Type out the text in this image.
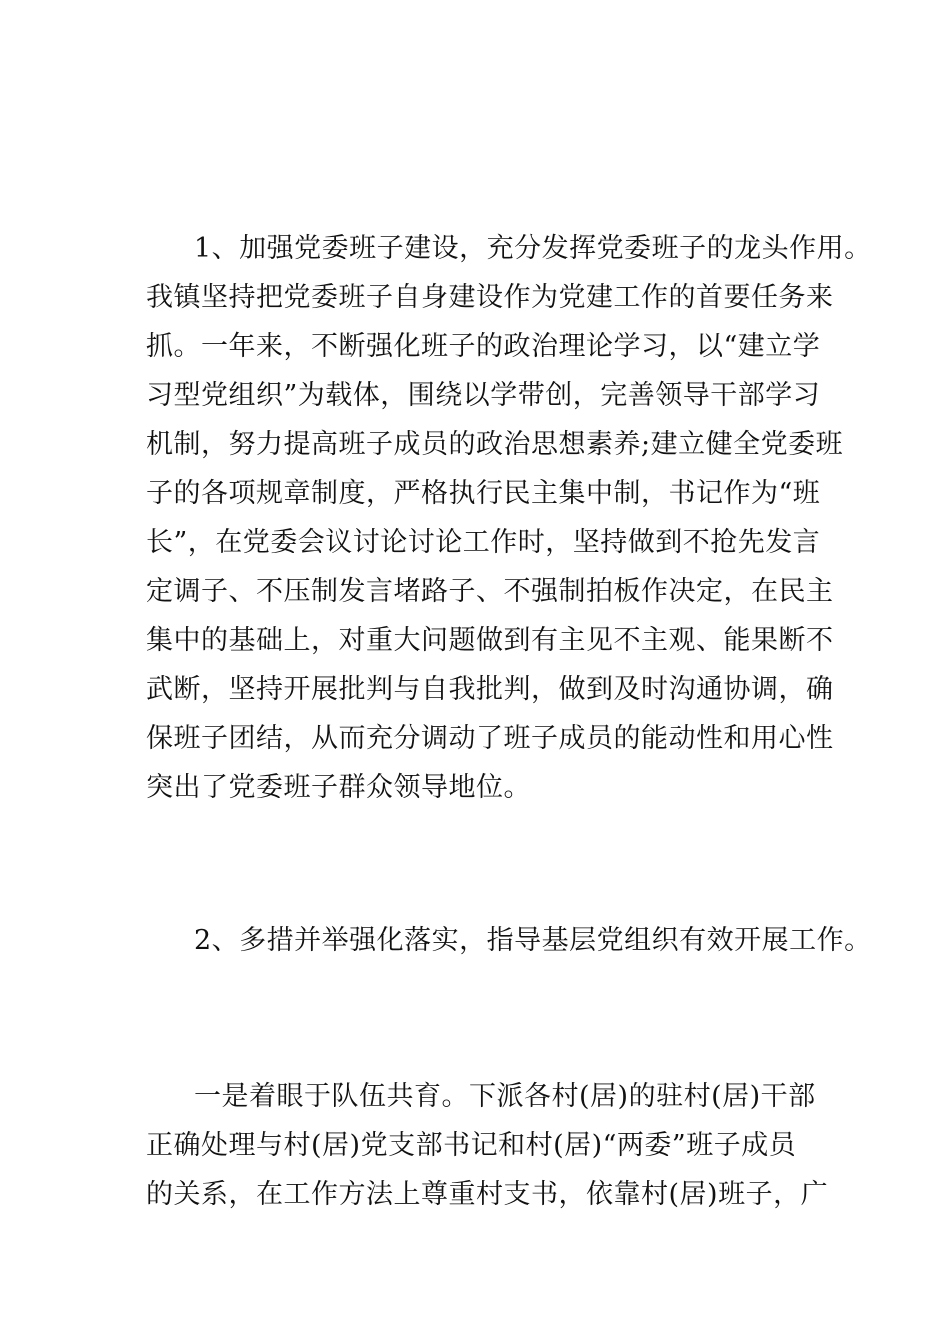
1、加强党委班子建设，充分发挥党委班子的龙头作用。
我镇坚持把党委班子自身建设作为党建工作的首要任务来
抓。一年来，不断强化班子的政治理论学习，以“建立学
习型党组织”为载体，围绕以学带创，完善领导干部学习
机制，努力提高班子成员的政治思想素养;建立健全党委班
子的各项规章制度，严格执行民主集中制，书记作为“班
长”，在党委会议讨论讨论工作时，坚持做到不抢先发言
定调子、不压制发言堵路子、不强制拍板作决定，在民主
集中的基础上，对重大问题做到有主见不主观、能果断不
武断，坚持开展批判与自我批判，做到及时沟通协调，确
保班子团结，从而充分调动了班子成员的能动性和用心性
突出了党委班子群众领导地位。
2、多措并举强化落实，指导基层党组织有效开展工作。
一是着眼于队伍共育。下派各村(居)的驻村(居)干部
正确处理与村(居)党支部书记和村(居)“两委”班子成员
的关系，在工作方法上尊重村支书，依靠村(居)班子，广
